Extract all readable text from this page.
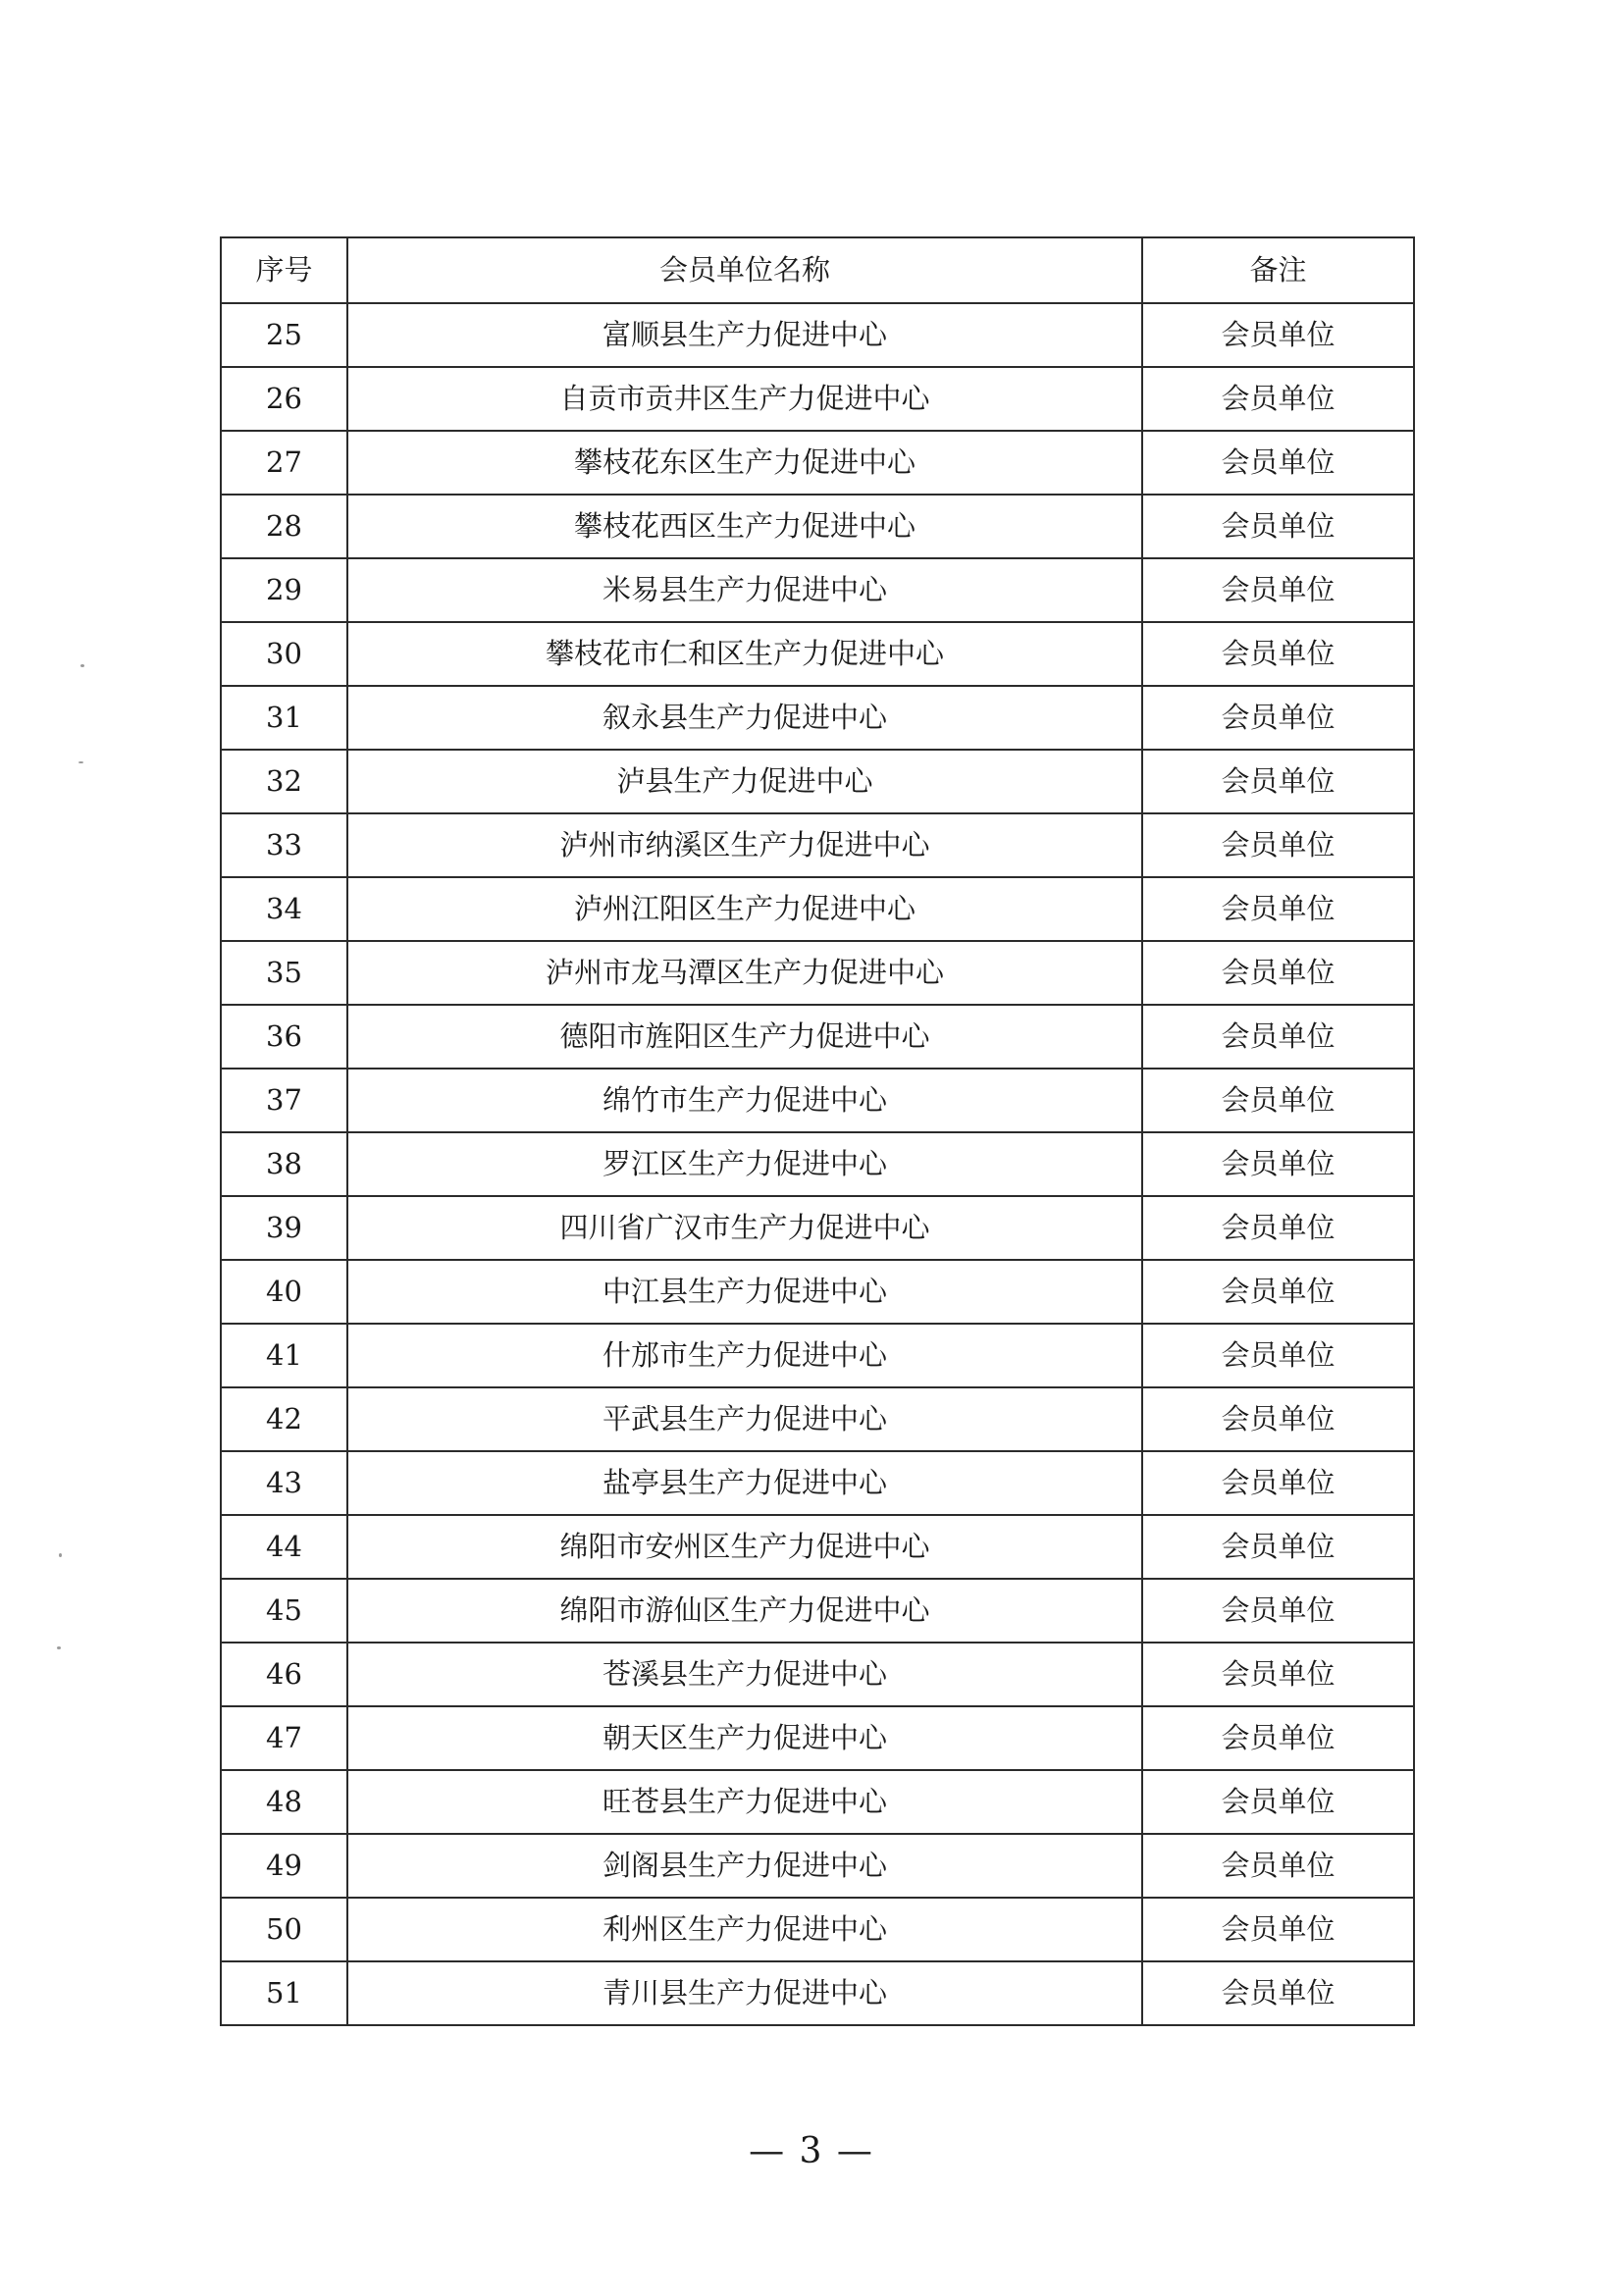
序号	会员单位名称	备注
25	富顺县生产力促进中心	会员单位
26	自贡市贡井区生产力促进中心	会员单位
27	攀枝花东区生产力促进中心	会员单位
28	攀枝花西区生产力促进中心	会员单位
29	米易县生产力促进中心	会员单位
30	攀枝花市仁和区生产力促进中心	会员单位
31	叙永县生产力促进中心	会员单位
32	泸县生产力促进中心	会员单位
33	泸州市纳溪区生产力促进中心	会员单位
34	泸州江阳区生产力促进中心	会员单位
35	泸州市龙马潭区生产力促进中心	会员单位
36	德阳市旌阳区生产力促进中心	会员单位
37	绵竹市生产力促进中心	会员单位
38	罗江区生产力促进中心	会员单位
39	四川省广汉市生产力促进中心	会员单位
40	中江县生产力促进中心	会员单位
41	什邡市生产力促进中心	会员单位
42	平武县生产力促进中心	会员单位
43	盐亭县生产力促进中心	会员单位
44	绵阳市安州区生产力促进中心	会员单位
45	绵阳市游仙区生产力促进中心	会员单位
46	苍溪县生产力促进中心	会员单位
47	朝天区生产力促进中心	会员单位
48	旺苍县生产力促进中心	会员单位
49	剑阁县生产力促进中心	会员单位
50	利州区生产力促进中心	会员单位
51	青川县生产力促进中心	会员单位
— 3 —
